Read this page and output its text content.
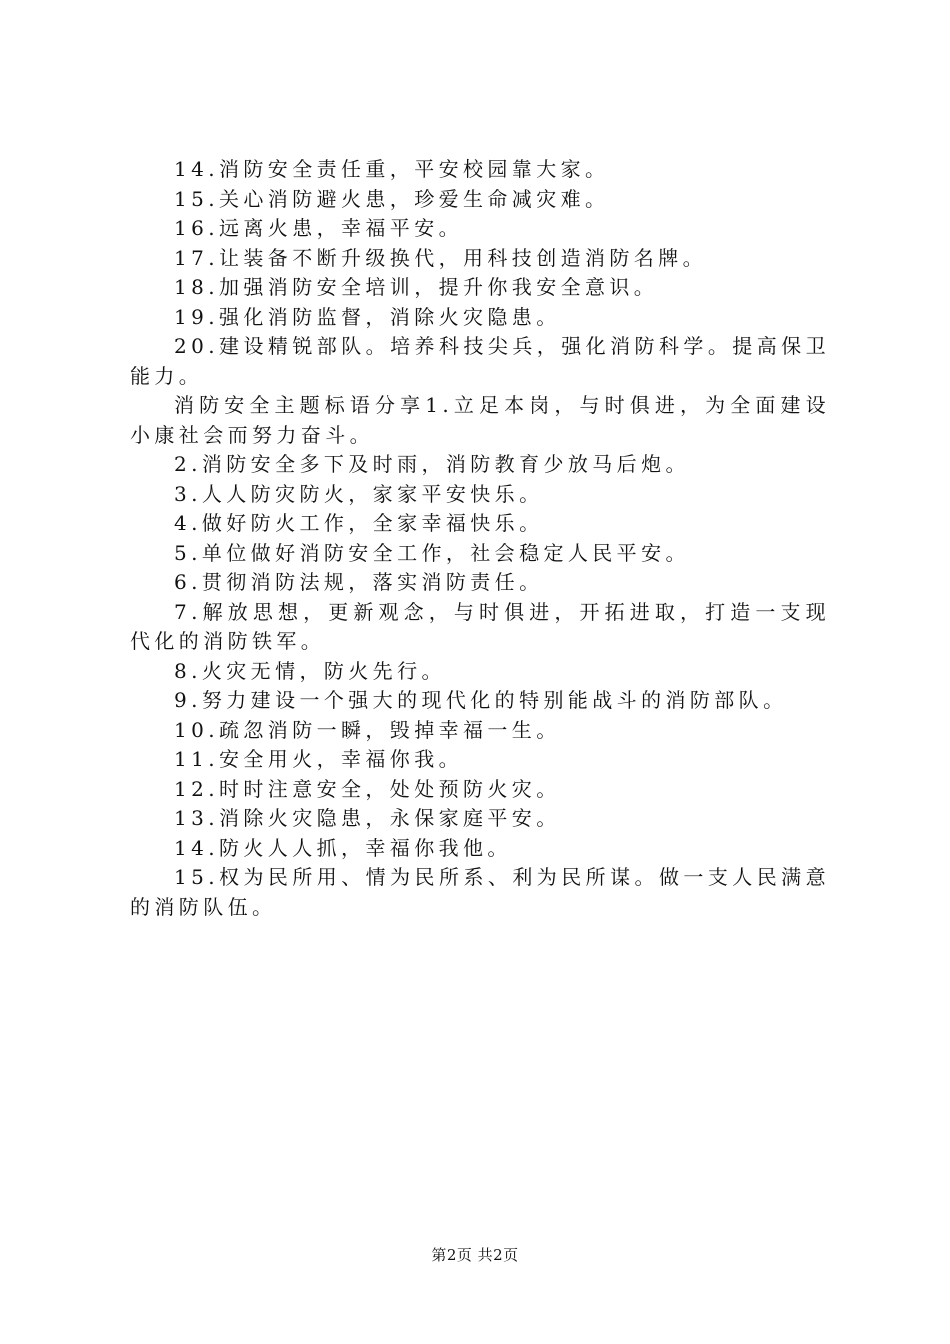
14.消防安全责任重，平安校园靠大家。

15.关心消防避火患，珍爱生命减灾难。

16.远离火患，幸福平安。

17.让装备不断升级换代，用科技创造消防名牌。

18.加强消防安全培训，提升你我安全意识。

19.强化消防监督，消除火灾隐患。

20.建设精锐部队。培养科技尖兵，强化消防科学。提高保卫能力。

消防安全主题标语分享1.立足本岗，与时俱进，为全面建设小康社会而努力奋斗。

2.消防安全多下及时雨，消防教育少放马后炮。

3.人人防灾防火，家家平安快乐。

4.做好防火工作，全家幸福快乐。

5.单位做好消防安全工作，社会稳定人民平安。

6.贯彻消防法规，落实消防责任。

7.解放思想，更新观念，与时俱进，开拓进取，打造一支现代化的消防铁军。

8.火灾无情，防火先行。

9.努力建设一个强大的现代化的特别能战斗的消防部队。

10.疏忽消防一瞬，毁掉幸福一生。

11.安全用火，幸福你我。

12.时时注意安全，处处预防火灾。

13.消除火灾隐患，永保家庭平安。

14.防火人人抓，幸福你我他。

15.权为民所用、情为民所系、利为民所谋。做一支人民满意的消防队伍。

第2页 共2页
